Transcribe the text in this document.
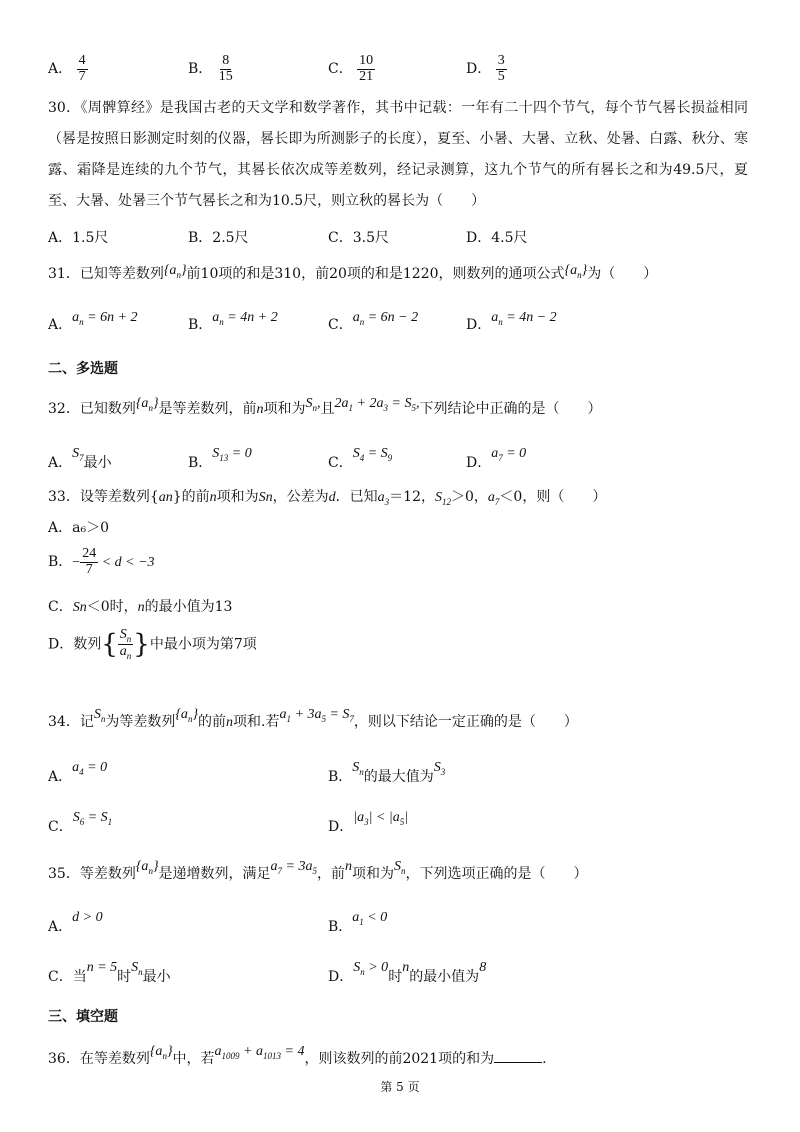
A． $\frac{4}{7}$	B． $\frac{8}{15}$	C． $\frac{10}{21}$	D． $\frac{3}{5}$
30．《周髀算经》是我国古老的天文学和数学著作，其书中记载：一年有二十四个节气，每个节气晷长损益相同（晷是按照日影测定时刻的仪器，晷长即为所测影子的长度），夏至、小暑、大暑、立秋、处暑、白露、秋分、寒露、霜降是连续的九个节气，其晷长依次成等差数列，经记录测算，这九个节气的所有晷长之和为49.5尺，夏至、大暑、处暑三个节气晷长之和为10.5尺，则立秋的晷长为（　　）
A．1.5尺	B．2.5尺	C．3.5尺	D．4.5尺
31．已知等差数列$\{a_n\}$前10项的和是310，前20项的和是1220，则数列的通项公式$\{a_n\}$为（　　）
A．$a_n = 6n + 2$	B．$a_n = 4n + 2$	C．$a_n = 6n - 2$	D．$a_n = 4n - 2$
二、多选题
32．已知数列$\{a_n\}$是等差数列，前n项和为$S_n$,且$2a_1 + 2a_3 = S_5$,下列结论中正确的是（　　）
A．$S_7$最小	B．$S_{13} = 0$
C．$S_4 = S_9$	D．$a_7 = 0$
33．设等差数列{an}的前n项和为Sn，公差为d．已知$a_3=12$，$S_{12}>0$，$a_7<0$，则（　　）
A．a₆＞0
B．− $\frac{24}{7} < d < -3$
C．Sn＜0时，n的最小值为13
D．数列{ $\frac{S_n}{a_n}$ }中最小项为第7项
34．记$S_n$为等差数列$\{a_n\}$的前n项和.若$a_1 + 3a_5 = S_7$，则以下结论一定正确的是（　　）
A．$a_4 = 0$
B．$S_n$的最大值为$S_3$
C．$S_6 = S_1$	D．$|a_3| < |a_5|$
35．等差数列$\{a_n\}$是递增数列，满足$a_7 = 3a_5$，前n项和为$S_n$，下列选项正确的是（　　）
A．d > 0
B．$a_1 < 0$
C．当n = 5时$S_n$最小	D．$S_n > 0$时n的最小值为8
三、填空题
36．在等差数列$\{a_n\}$中，若$a_{1009} + a_{1013} = 4$，则该数列的前2021项的和为	.
第 5 页
